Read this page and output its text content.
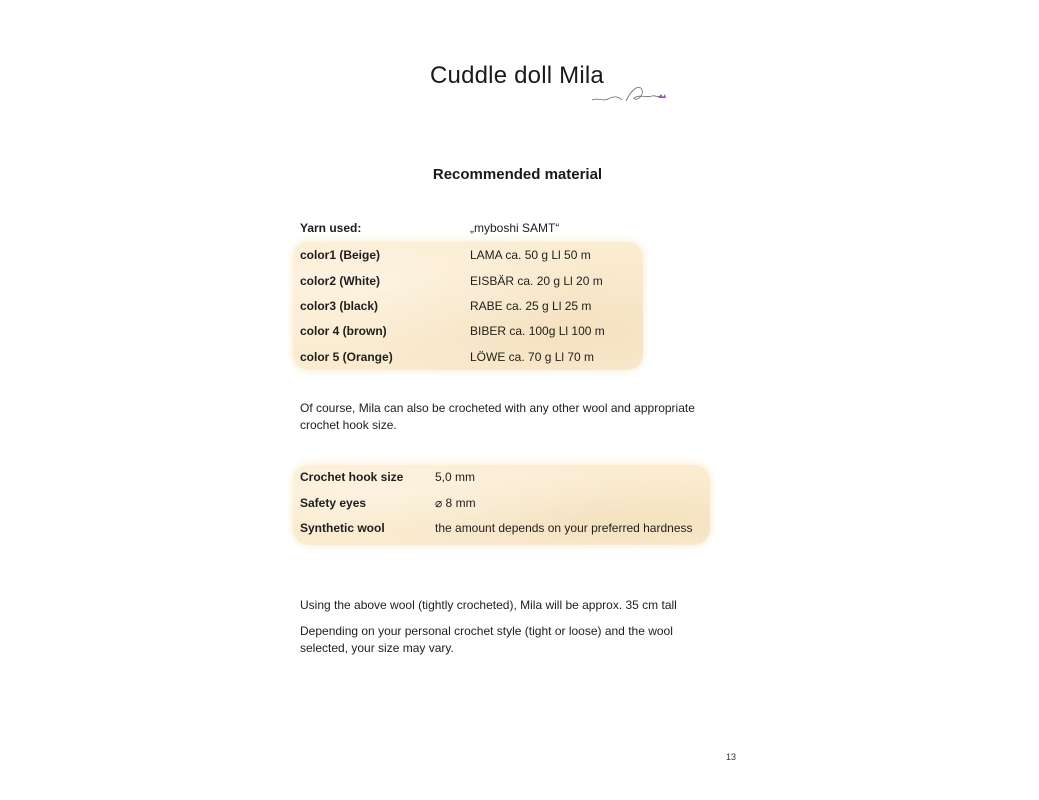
Cuddle doll Mila
Recommended material
Yarn used:	„myboshi SAMT“
color1 (Beige)	LAMA ca. 50 g Ll 50 m
color2 (White)	EISBÄR ca. 20 g Ll 20 m
color3 (black)	RABE ca. 25 g Ll 25 m
color 4 (brown)	BIBER ca. 100g Ll 100 m
color 5 (Orange)	LÖWE ca. 70 g Ll 70 m
Of course, Mila can also be crocheted with any other wool and appropriate crochet hook size.
Crochet hook size	5,0 mm
Safety eyes	⌀ 8 mm
Synthetic wool	the amount depends on your preferred hardness
Using the above wool (tightly crocheted), Mila will be approx. 35 cm tall
Depending on your personal crochet style (tight or loose) and the wool selected, your size may vary.
13
